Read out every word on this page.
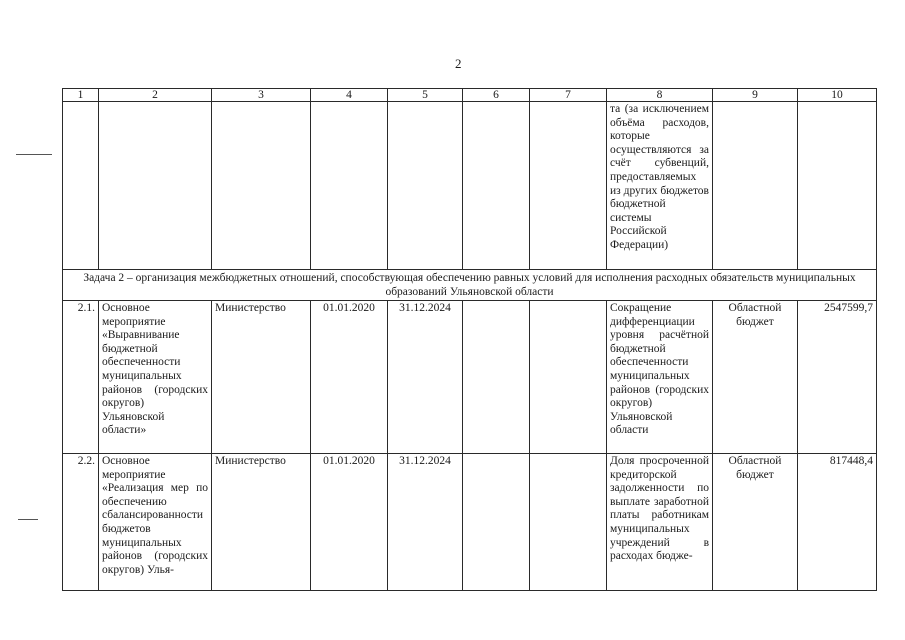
2
1	2	3	4	5	6	7	8	9	10
							та (за исключением объёма расходов, которые осуществляются за счёт субвенций, предоставляемых из других бюджетов бюджетной системы Российской Федерации)		
Задача 2 – организация межбюджетных отношений, способствующая обеспечению равных условий для исполнения расходных обязательств муниципальных образований Ульяновской области									
2.1.	Основное мероприятие «Выравнивание бюджетной обеспеченности муниципальных районов (городских округов) Ульяновской области»	Министерство	01.01.2020	31.12.2024			Сокращение дифференциации уровня расчётной бюджетной обеспеченности муниципальных районов (городских округов) Ульяновской области	Областной бюджет	2547599,7
2.2.	Основное мероприятие «Реализация мер по обеспечению сбалансированности бюджетов муниципальных районов (городских округов) Улья-	Министерство	01.01.2020	31.12.2024			Доля просроченной кредиторской задолженности по выплате заработной платы работникам муниципальных учреждений в расходах бюдже-	Областной бюджет	817448,4
